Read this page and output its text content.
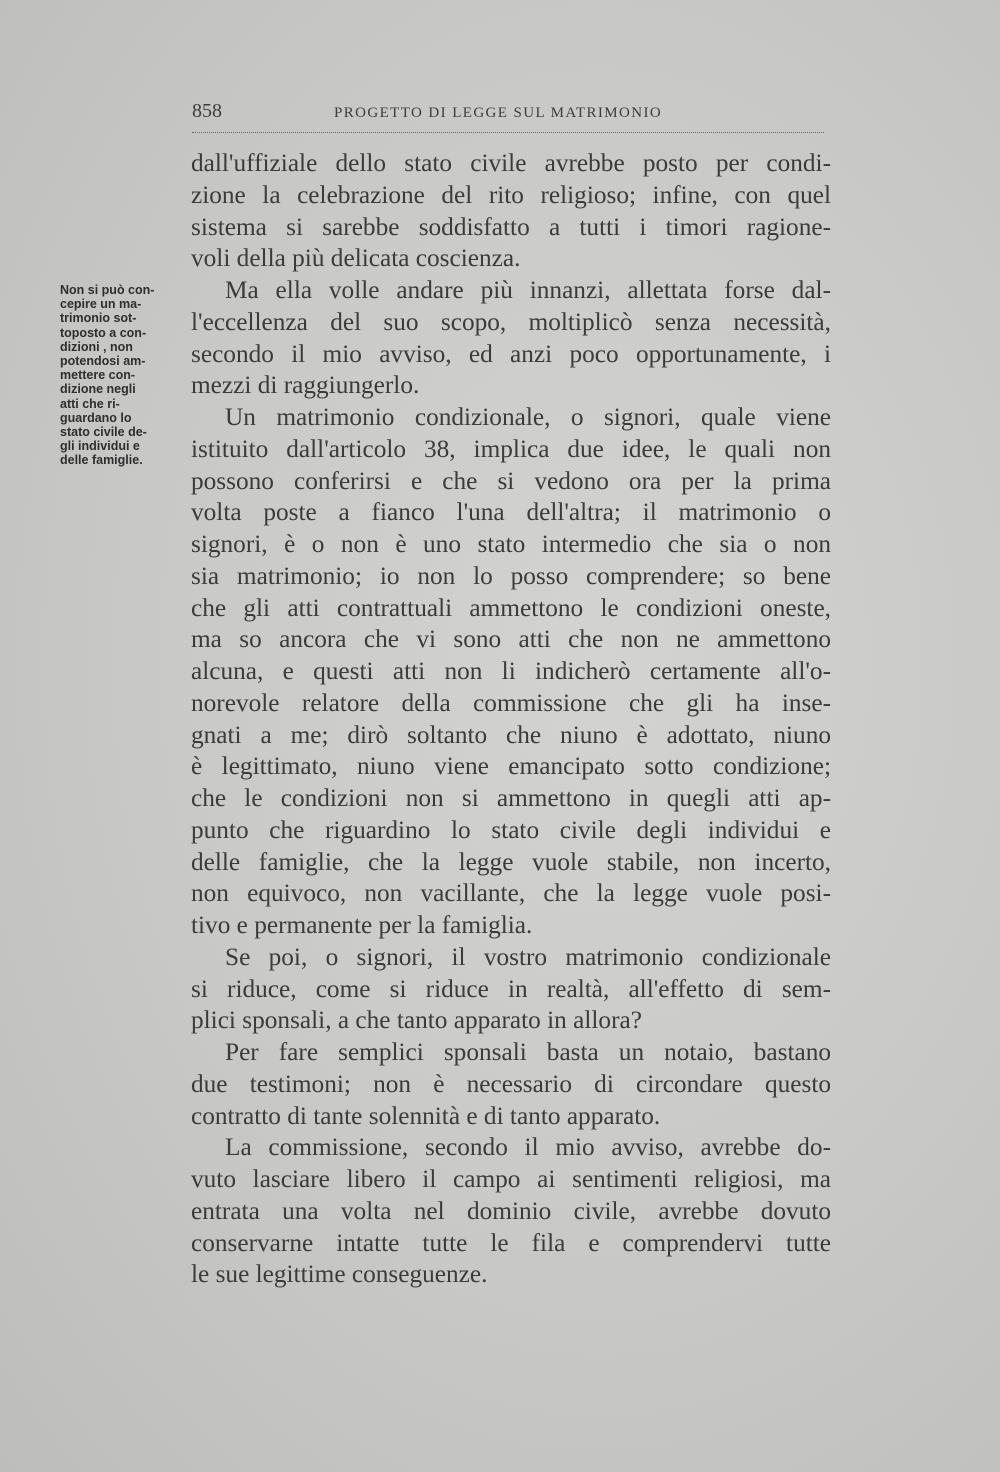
858	PROGETTO DI LEGGE SUL MATRIMONIO
Non si può con-
cepire un ma-
trimonio sot-
toposto a con-
dizioni , non
potendosi am-
mettere con-
dizione negli
atti che ri-
guardano lo
stato civile de-
gli individui e
delle famiglie.
dall'uffiziale dello stato civile avrebbe posto per condi-
zione la celebrazione del rito religioso; infine, con quel
sistema si sarebbe soddisfatto a tutti i timori ragione-
voli della più delicata coscienza.
Ma ella volle andare più innanzi, allettata forse dal-
l'eccellenza del suo scopo, moltiplicò senza necessità,
secondo il mio avviso, ed anzi poco opportunamente, i
mezzi di raggiungerlo.
Un matrimonio condizionale, o signori, quale viene
istituito dall'articolo 38, implica due idee, le quali non
possono conferirsi e che si vedono ora per la prima
volta poste a fianco l'una dell'altra; il matrimonio o
signori, è o non è uno stato intermedio che sia o non
sia matrimonio; io non lo posso comprendere; so bene
che gli atti contrattuali ammettono le condizioni oneste,
ma so ancora che vi sono atti che non ne ammettono
alcuna, e questi atti non li indicherò certamente all'o-
norevole relatore della commissione che gli ha inse-
gnati a me; dirò soltanto che niuno è adottato, niuno
è legittimato, niuno viene emancipato sotto condizione;
che le condizioni non si ammettono in quegli atti ap-
punto che riguardino lo stato civile degli individui e
delle famiglie, che la legge vuole stabile, non incerto,
non equivoco, non vacillante, che la legge vuole posi-
tivo e permanente per la famiglia.
Se poi, o signori, il vostro matrimonio condizionale
si riduce, come si riduce in realtà, all'effetto di sem-
plici sponsali, a che tanto apparato in allora?
Per fare semplici sponsali basta un notaio, bastano
due testimoni; non è necessario di circondare questo
contratto di tante solennità e di tanto apparato.
La commissione, secondo il mio avviso, avrebbe do-
vuto lasciare libero il campo ai sentimenti religiosi, ma
entrata una volta nel dominio civile, avrebbe dovuto
conservarne intatte tutte le fila e comprendervi tutte
le sue legittime conseguenze.
